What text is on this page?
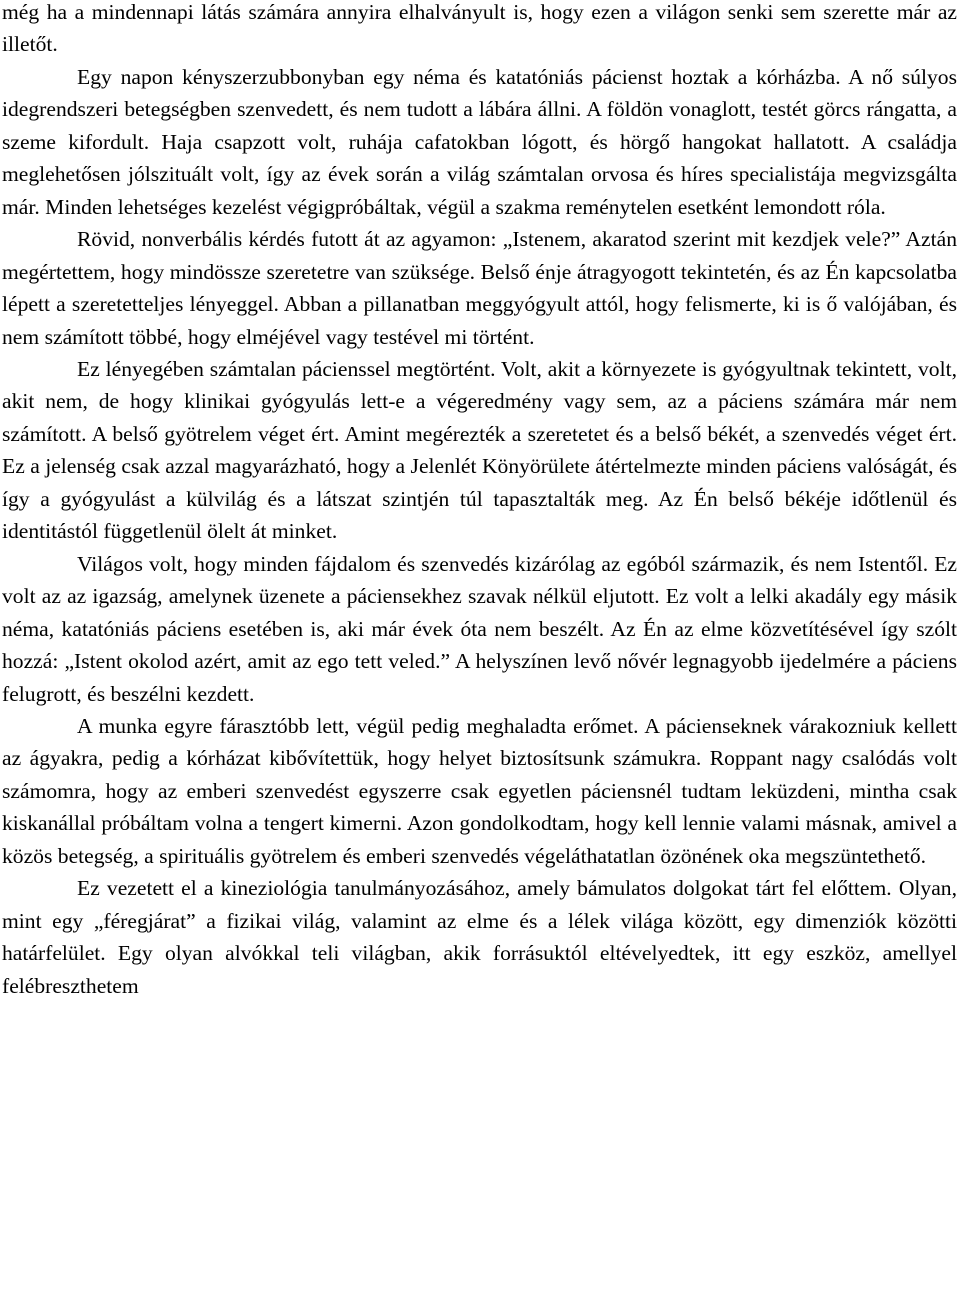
még ha a mindennapi látás számára annyira elhalványult is, hogy ezen a világon senki sem szerette már az illetőt.

Egy napon kényszerzubbonyban egy néma és katatóniás pácienst hoztak a kórházba. A nő súlyos idegrendszeri betegségben szenvedett, és nem tudott a lábára állni. A földön vonaglott, testét görcs rángatta, a szeme kifordult. Haja csapzott volt, ruhája cafatokban lógott, és hörgő hangokat hallatott. A családja meglehetősen jólszituált volt, így az évek során a világ számtalan orvosa és híres specialistája megvizsgálta már. Minden lehetséges kezelést végigpróbáltak, végül a szakma reménytelen esetként lemondott róla.

Rövid, nonverbális kérdés futott át az agyamon: „Istenem, akaratod szerint mit kezdjek vele?” Aztán megértettem, hogy mindössze szeretetre van szüksége. Belső énje átragyogott tekintetén, és az Én kapcsolatba lépett a szeretetteljes lényeggel. Abban a pillanatban meggyógyult attól, hogy felismerte, ki is ő valójában, és nem számított többé, hogy elméjével vagy testével mi történt.

Ez lényegében számtalan pácienssel megtörtént. Volt, akit a környezete is gyógyultnak tekintett, volt, akit nem, de hogy klinikai gyógyulás lett-e a végeredmény vagy sem, az a páciens számára már nem számított. A belső gyötrelem véget ért. Amint megérezték a szeretetet és a belső békét, a szenvedés véget ért. Ez a jelenség csak azzal magyarázható, hogy a Jelenlét Könyörülete átértelmezte minden páciens valóságát, és így a gyógyulást a külvilág és a látszat szintjén túl tapasztalták meg. Az Én belső békéje időtlenül és identitástól függetlenül ölelt át minket.

Világos volt, hogy minden fájdalom és szenvedés kizárólag az egóból származik, és nem Istentől. Ez volt az az igazság, amelynek üzenete a páciensekhez szavak nélkül eljutott. Ez volt a lelki akadály egy másik néma, katatóniás páciens esetében is, aki már évek óta nem beszélt. Az Én az elme közvetítésével így szólt hozzá: „Istent okolod azért, amit az ego tett veled.” A helyszínen levő nővér legnagyobb ijedelmére a páciens felugrott, és beszélni kezdett.

A munka egyre fárasztóbb lett, végül pedig meghaladta erőmet. A pácienseknek várakozniuk kellett az ágyakra, pedig a kórházat kibővítettük, hogy helyet biztosítsunk számukra. Roppant nagy csalódás volt számomra, hogy az emberi szenvedést egyszerre csak egyetlen páciensnél tudtam leküzdeni, mintha csak kiskanállal próbáltam volna a tengert kimerni. Azon gondolkodtam, hogy kell lennie valami másnak, amivel a közös betegség, a spirituális gyötrelem és emberi szenvedés végeláthatatlan özönének oka megszüntethető.

Ez vezetett el a kineziológia tanulmányozásához, amely bámulatos dolgokat tárt fel előttem. Olyan, mint egy „féregjárat” a fizikai világ, valamint az elme és a lélek világa között, egy dimenziók közötti határfelület. Egy olyan alvókkal teli világban, akik forrásuktól eltévelyedtek, itt egy eszköz, amellyel felébreszthetem
